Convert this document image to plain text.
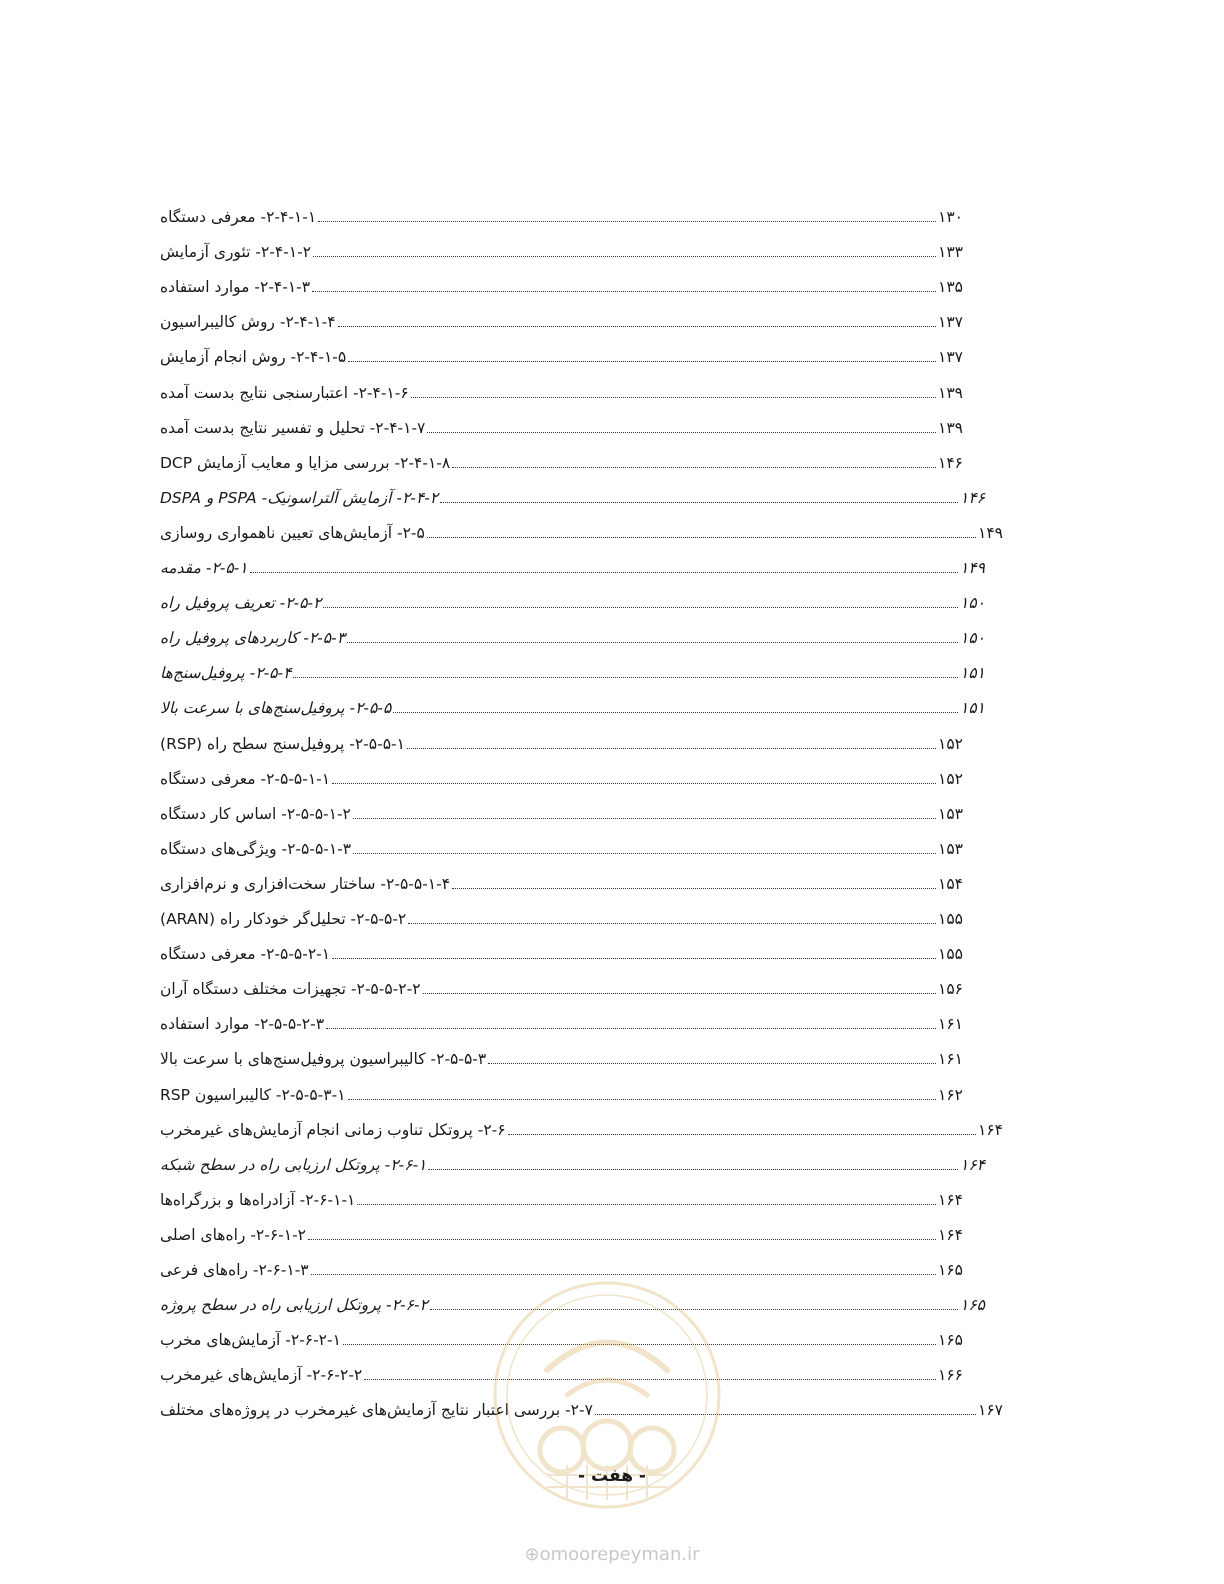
۲-۴-۱-۱- معرفی دستگاه	۱۳۰
۲-۴-۱-۲- تئوری آزمایش	۱۳۳
۲-۴-۱-۳- موارد استفاده	۱۳۵
۲-۴-۱-۴- روش کالیبراسیون	۱۳۷
۲-۴-۱-۵- روش انجام آزمایش	۱۳۷
۲-۴-۱-۶- اعتبارسنجی نتایج بدست آمده	۱۳۹
۲-۴-۱-۷- تحلیل و تفسیر نتایج بدست آمده	۱۳۹
۲-۴-۱-۸- بررسی مزایا و معایب آزمایش DCP	۱۴۶
۲-۴-۲- آزمایش آلتراسونیک- PSPA و DSPA	۱۴۶
۲-۵- آزمایش‌های تعیین ناهمواری روسازی	۱۴۹
۲-۵-۱- مقدمه	۱۴۹
۲-۵-۲- تعریف پروفیل راه	۱۵۰
۲-۵-۳- کاربردهای پروفیل راه	۱۵۰
۲-۵-۴- پروفیل‌سنج‌ها	۱۵۱
۲-۵-۵- پروفیل‌سنج‌های با سرعت بالا	۱۵۱
۲-۵-۵-۱- پروفیل‌سنج سطح راه (RSP)	۱۵۲
۲-۵-۵-۱-۱- معرفی دستگاه	۱۵۲
۲-۵-۵-۱-۲- اساس کار دستگاه	۱۵۳
۲-۵-۵-۱-۳- ویژگی‌های دستگاه	۱۵۳
۲-۵-۵-۱-۴- ساختار سخت‌افزاری و نرم‌افزاری	۱۵۴
۲-۵-۵-۲- تحلیل‌گر خودکار راه (ARAN)	۱۵۵
۲-۵-۵-۲-۱- معرفی دستگاه	۱۵۵
۲-۵-۵-۲-۲- تجهیزات مختلف دستگاه آران	۱۵۶
۲-۵-۵-۲-۳- موارد استفاده	۱۶۱
۲-۵-۵-۳- کالیبراسیون پروفیل‌سنج‌های با سرعت بالا	۱۶۱
۲-۵-۵-۳-۱- کالیبراسیون RSP	۱۶۲
۲-۶- پروتکل تناوب زمانی انجام آزمایش‌های غیرمخرب	۱۶۴
۲-۶-۱- پروتکل ارزیابی راه در سطح شبکه	۱۶۴
۲-۶-۱-۱- آزادراه‌ها و بزرگراه‌ها	۱۶۴
۲-۶-۱-۲- راه‌های اصلی	۱۶۴
۲-۶-۱-۳- راه‌های فرعی	۱۶۵
۲-۶-۲- پروتکل ارزیابی راه در سطح پروژه	۱۶۵
۲-۶-۲-۱- آزمایش‌های مخرب	۱۶۵
۲-۶-۲-۲- آزمایش‌های غیرمخرب	۱۶۶
۲-۷- بررسی اعتبار نتایج آزمایش‌های غیرمخرب در پروژه‌های مختلف	۱۶۷
- هفت -
⊕omoorepeyman.ir
